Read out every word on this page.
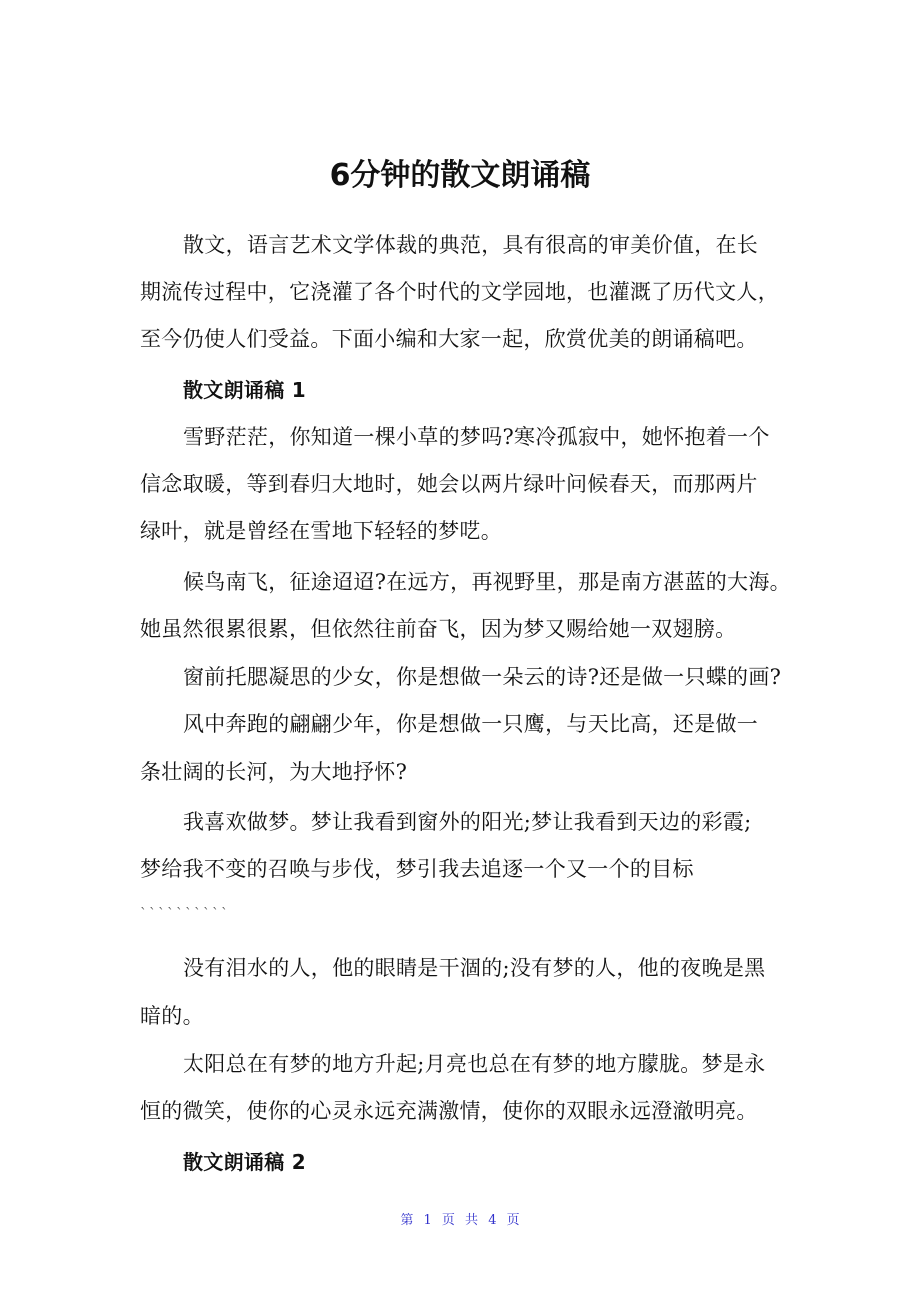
6分钟的散文朗诵稿
散文，语言艺术文学体裁的典范，具有很高的审美价值，在长
期流传过程中，它浇灌了各个时代的文学园地，也灌溉了历代文人，
至今仍使人们受益。下面小编和大家一起，欣赏优美的朗诵稿吧。
散文朗诵稿 1
雪野茫茫，你知道一棵小草的梦吗?寒冷孤寂中，她怀抱着一个
信念取暖，等到春归大地时，她会以两片绿叶问候春天，而那两片
绿叶，就是曾经在雪地下轻轻的梦呓。
候鸟南飞，征途迢迢?在远方，再视野里，那是南方湛蓝的大海。
她虽然很累很累，但依然往前奋飞，因为梦又赐给她一双翅膀。
窗前托腮凝思的少女，你是想做一朵云的诗?还是做一只蝶的画?
风中奔跑的翩翩少年，你是想做一只鹰，与天比高，还是做一
条壮阔的长河，为大地抒怀?
我喜欢做梦。梦让我看到窗外的阳光;梦让我看到天边的彩霞;
梦给我不变的召唤与步伐，梦引我去追逐一个又一个的目标
``````````
没有泪水的人，他的眼睛是干涸的;没有梦的人，他的夜晚是黑
暗的。
太阳总在有梦的地方升起;月亮也总在有梦的地方朦胧。梦是永
恒的微笑，使你的心灵永远充满激情，使你的双眼永远澄澈明亮。
散文朗诵稿 2
第 1 页 共 4 页
